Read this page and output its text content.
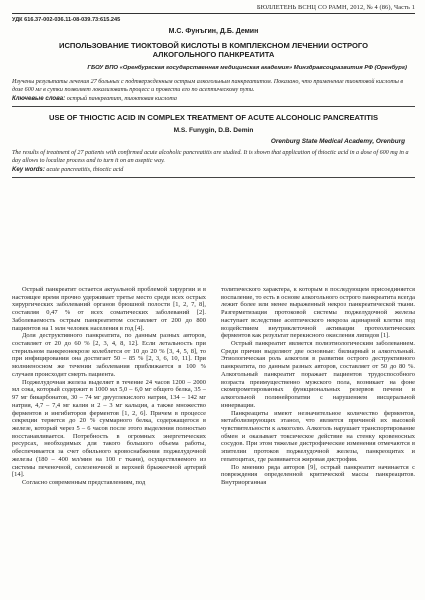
БЮЛЛЕТЕНЬ ВСНЦ СО РАМН, 2012, № 4 (86), Часть 1
УДК 616.37-002-036.11-08-039.73:615.245
М.С. Фунъгин, Д.Б. Демин
ИСПОЛЬЗОВАНИЕ ТИОКТОВОЙ КИСЛОТЫ В КОМПЛЕКСНОМ ЛЕЧЕНИИ ОСТРОГО АЛКОГОЛЬНОГО ПАНКРЕАТИТА
ГБОУ ВПО «Оренбургская государственная медицинская академия» Минздравсоцразвития РФ (Оренбург)
Изучены результаты лечения 27 больных с подтвержденным острым алкогольным панкреатитом. Показано, что применение тиоктовой кислоты в дозе 600 мг в сутки позволяет локализовать процесс и провести его по асептическому пути.
Ключевые слова: острый панкреатит, тиоктовая кислота
USE OF THIOCTIC ACID IN COMPLEX TREATMENT OF ACUTE ALCOHOLIC PANCREATITIS
M.S. Funygin, D.B. Demin
Orenburg State Medical Academy, Orenburg
The results of treatment of 27 patients with confirmed acute alcoholic pancreatitis are studied. It is shown that application of thioctic acid in a dose of 600 mg in a day allows to localize process and to turn it on an aseptic way.
Key words: acute pancreatitis, thioctic acid

Острый панкреатит остается актуальной проблемой хирургии и в настоящее время прочно удерживает третье место среди всех острых хирургических заболеваний органов брюшной полости [1, 2, 7, 8], составляя 0,47 % от всех соматических заболеваний [2]. Заболеваемость острым панкреатитом составляет от 200 до 800 пациентов на 1 млн человек населения в год [4].

Доля деструктивного панкреатита, по данным разных авторов, составляет от 20 до 60 % [2, 3, 4, 8, 12]. Если летальность при стерильном панкреонекрозе колеблется от 10 до 20 % [3, 4, 5, 8], то при инфицировании она достигает 50 – 85 % [2, 3, 6, 10, 11]. При молниеносном же течении заболевания приближается в 100 % случаев происходит смерть пациента.

Поджелудочная железа выделяет в течение 24 часов 1200 – 2000 мл сока, который содержит в 1000 мл 5,0 – 6,0 мг общего белка, 35 – 97 мг бикарбонатов, 30 – 74 мг двууглекислого натрия, 134 – 142 мг натрия, 4,7 – 7,4 мг калия и 2 – 3 мг кальция, а также множество ферментов и ингибиторов ферментов [1, 2, 6]. Причем в процессе секреции теряется до 20 % суммарного белка, содержащегося в железе, который через 5 – 6 часов после этого выделения полностью восстанавливается. Потребность в огромных энергетических ресурсах, необходимых для такого большого объема работы, обеспечивается за счет обильного кровоснабжения поджелудочной железы (180 – 400 мл/мин на 100 г ткани), осуществляемого из системы печеночной, селезеночной и верхней брыжеечной артерий [14].

Согласно современным представлениям, под

толитического характера, к которым в последующем присоединяется воспаление, то есть в основе алкогольного острого панкреатита всегда лежит более или менее выраженный некроз панкреатической ткани. Разгерметизация протоковой системы поджелудочной железы наступает вследствие асептического некроза ацинарной клетки под воздействием внутриклеточной активации протеолитических ферментов как результат перекисного окисления липидов [1].

Острый панкреатит является полиэтиологическим заболеванием. Среди причин выделяют две основные: билиарный и алкогольный. Этиологическая роль алкоголя в развитии острого деструктивного панкреатита, по данным разных авторов, составляет от 50 до 80 %. Алкогольный панкреатит поражает пациентов трудоспособного возраста преимущественно мужского пола, возникает на фоне скомпрометированных функциональных резервов печени и алкогольной полинейропатии с нарушением висцеральной иннервации.

Панкреациты имеют незначительное количество ферментов, метаболизирующих этанол, что является причиной их высокой чувствительности к алкоголю. Алкоголь нарушает транспортирование обмен и оказывает токсическое действие на стенку кровеносных сосудов. При этом тяжелые дистрофические изменения отмечаются в эпителии протоков поджелудочной железы, панкреоцитах и гепатоцитах, где развивается жировая дистрофия.

По мнению ряда авторов [9], острый панкреатит начинается с повреждения определенной критической массы панкреацитов. Внутриорганная
